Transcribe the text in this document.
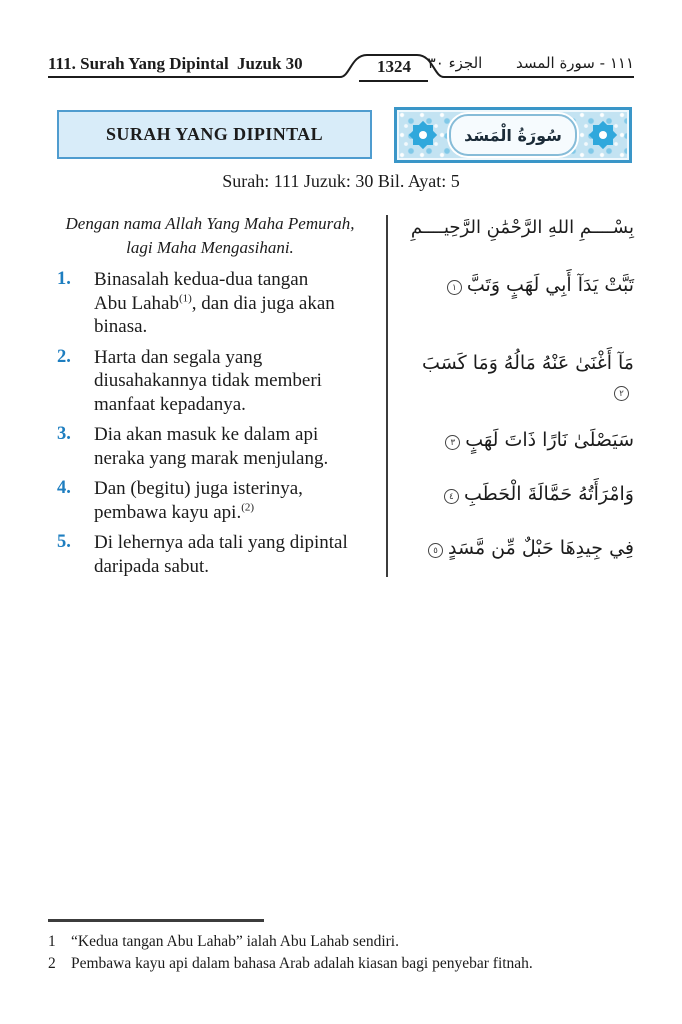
111. Surah Yang Dipintal Juzuk 30	1324	الجزء ٣٠	١١١ - سورة المسد
SURAH YANG DIPINTAL	سُورَةُ الْمَسَد
Surah: 111 Juzuk: 30 Bil. Ayat: 5
Dengan nama Allah Yang Maha Pemurah,
lagi Maha Mengasihani.
بِسْــــمِ اللهِ الرَّحْمَٰنِ الرَّحِيــــمِ
1.	Binasalah kedua-dua tangan
Abu Lahab$^{(1)}$, dan dia juga akan
binasa.
تَبَّتْ يَدَآ أَبِي لَهَبٍ وَتَبَّ١
2.	Harta dan segala yang
diusahakannya tidak memberi
manfaat kepadanya.
مَآ أَغْنَىٰ عَنْهُ مَالُهُ وَمَا كَسَبَ٢
3.	Dia akan masuk ke dalam api
neraka yang marak menjulang.
سَيَصْلَىٰ نَارًا ذَاتَ لَهَبٍ٣
4.	Dan (begitu) juga isterinya,
pembawa kayu api.$^{(2)}$
وَامْرَأَتُهُ حَمَّالَةَ الْحَطَبِ٤
5.	Di lehernya ada tali yang dipintal
daripada sabut.
فِي جِيدِهَا حَبْلٌ مِّن مَّسَدٍ٥
1 “Kedua tangan Abu Lahab” ialah Abu Lahab sendiri.
2 Pembawa kayu api dalam bahasa Arab adalah kiasan bagi penyebar fitnah.
